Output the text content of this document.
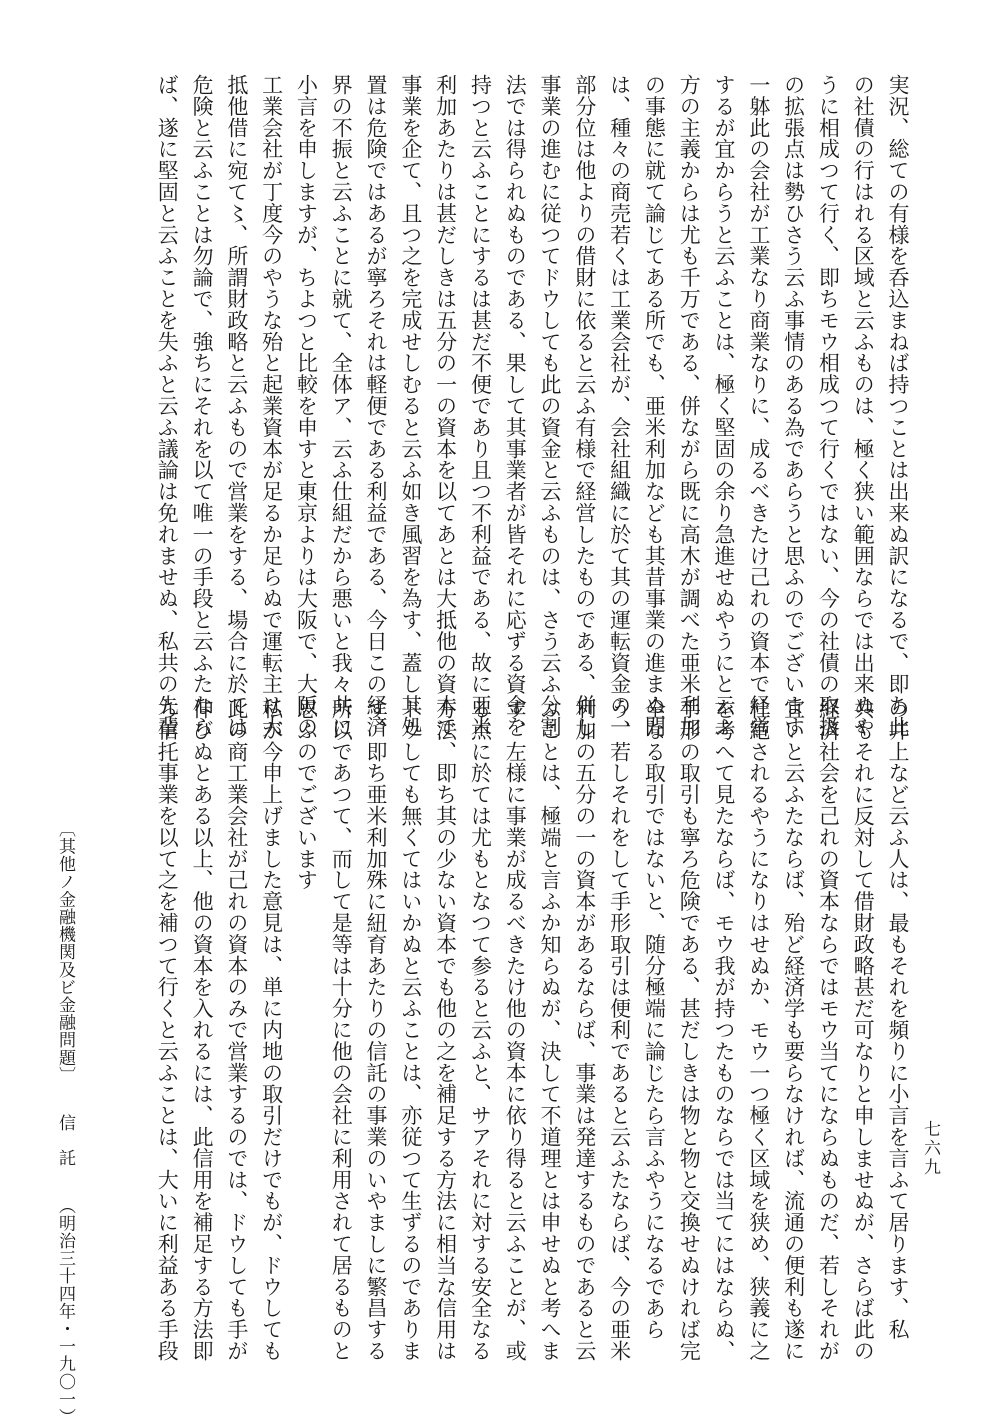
実況、総ての有様を呑込まねば持つことは出来ぬ訳になるで、即ち此
の社債の行はれる区域と云ふものは、極く狭い範囲ならでは出来ぬや
うに相成つて行く、即ちモウ相成つて行くではない、今の社債の取扱
の拡張点は勢ひさう云ふ事情のある為であらうと思ふのでございます
一躰此の会社が工業なり商業なりに、成るべきたけ己れの資本で経営
するが宜からうと云ふことは、極く堅固の余り急進せぬやうにと云ふ
方の主義からは尤も千万である、併ながら既に高木が調べた亜米利加
の事態に就て論じてある所でも、亜米利加なども其昔事業の進まぬ間
は、種々の商売若くは工業会社が、会社組織に於て其の運転資金の一
部分位は他よりの借財に依ると云ふ有様で経営したものである、併し
事業の進むに従つてドウしても此の資金と云ふものは、さう云ふ分割
法では得られぬものである、果して其事業者が皆それに応ずる資金を
持つと云ふことにするは甚だ不便であり且つ不利益である、故に亜米
利加あたりは甚だしきは五分の一の資本を以てあとは大抵他の資本で
事業を企て、且つ之を完成せしむると云ふ如き風習を為す、蓋し其処
置は危険ではあるが寧ろそれは軽便である利益である、今日この経済
界の不振と云ふことに就て、全体ア、云ふ仕組だから悪いと我々共に
小言を申しますが、ちよつと比較を申すと東京よりは大阪で、大阪の
工業会社が丁度今のやうな殆と起業資本が足るか足らぬで運転主は大
抵他借に宛て〻、所謂財政略と云ふもので営業をする、場合に於ては
危険と云ふことは勿論で、強ちにそれを以て唯一の手段と云ふたなら
ば、遂に堅固と云ふことを失ふと云ふ議論は免れませぬ、私共の先輩
の井上など云ふ人は、最もそれを頻りに小言を言ふて居ります、私
共もそれに反対して借財政略甚だ可なりと申しませぬが、さらば此の
経済社会を己れの資本ならではモウ当てにならぬものだ、若しそれが
宜いと云ふたならば、殆ど経済学も要らなければ、流通の便利も遂に
杜絶されるやうになりはせぬか、モウ一つ極く区域を狭め、狭義に之
を考へて見たならば、モウ我が持つたものならでは当てにはならぬ、
手形の取引も寧ろ危険である、甚だしきは物と物と交換せぬければ完
全なる取引ではないと、随分極端に論じたら言ふやうになるであら
う、若しそれをして手形取引は便利であると云ふたならば、今の亜米
利加の五分の一の資本があるならば、事業は発達するものであると云
ふことは、極端と言ふか知らぬが、決して不道理とは申せぬと考へま
す、左様に事業が成るべきたけ他の資本に依り得ると云ふことが、或
る点に於ては尤もとなつて参ると云ふと、サアそれに対する安全なる
方法、即ち其の少ない資本でも他の之を補足する方法に相当な信用は
ドウしても無くてはいかぬと云ふことは、亦従つて生ずるのでありま
す、即ち亜米利加殊に紐育あたりの信託の事業のいやましに繁昌する
所以であつて、而して是等は十分に他の会社に利用されて居るものと
思ふのでございます
私が今申上げました意見は、単に内地の取引だけでもが、ドウしても
此の商工業会社が己れの資本のみで営業するのでは、ドウしても手が
伸びぬとある以上、他の資本を入れるには、此信用を補足する方法即
ち信托事業を以て之を補つて行くと云ふことは、大いに利益ある手段
〔其他ノ金融機関及ビ金融問題〕信　託（明治三十四年・一九〇一）
七六九
